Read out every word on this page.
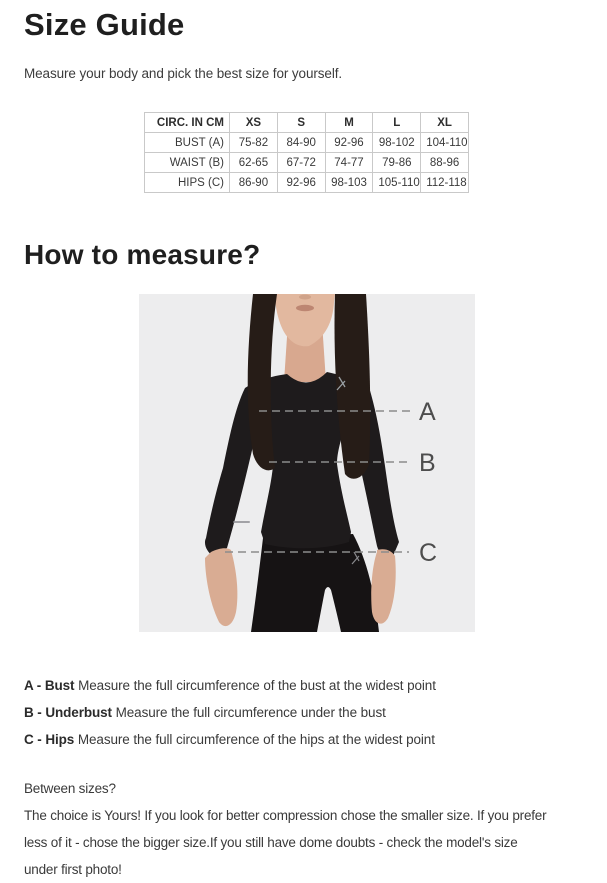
Size Guide

Measure your body and pick the best size for yourself.

CIRC. IN CM	XS	S	M	L	XL
BUST (A)	75-82	84-90	92-96	98-102	104-110
WAIST (B)	62-65	67-72	74-77	79-86	88-96
HIPS (C)	86-90	92-96	98-103	105-110	112-118
How to measure?
A
B
C
A - Bust Measure the full circumference of the bust at the widest point
B - Underbust Measure the full circumference under the bust
C - Hips Measure the full circumference of the hips at the widest point
Between sizes?
The choice is Yours! If you look for better compression chose the smaller size. If you prefer
less of it - chose the bigger size.If you still have dome doubts - check the model's size
under first photo!
